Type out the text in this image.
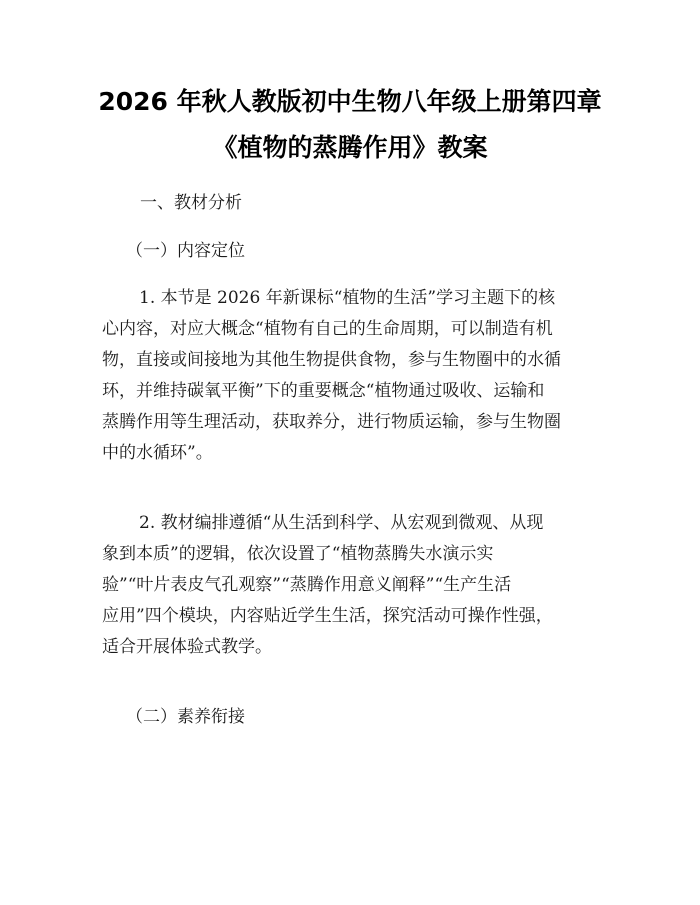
2026 年秋人教版初中生物八年级上册第四章
《植物的蒸腾作用》教案
一、教材分析
（一）内容定位
1. 本节是 2026 年新课标“植物的生活”学习主题下的核
心内容，对应大概念“植物有自己的生命周期，可以制造有机
物，直接或间接地为其他生物提供食物，参与生物圈中的水循
环，并维持碳氧平衡”下的重要概念“植物通过吸收、运输和
蒸腾作用等生理活动，获取养分，进行物质运输，参与生物圈
中的水循环”。
2. 教材编排遵循“从生活到科学、从宏观到微观、从现
象到本质”的逻辑，依次设置了“植物蒸腾失水演示实
验”“叶片表皮气孔观察”“蒸腾作用意义阐释”“生产生活
应用”四个模块，内容贴近学生生活，探究活动可操作性强，
适合开展体验式教学。
（二）素养衔接
